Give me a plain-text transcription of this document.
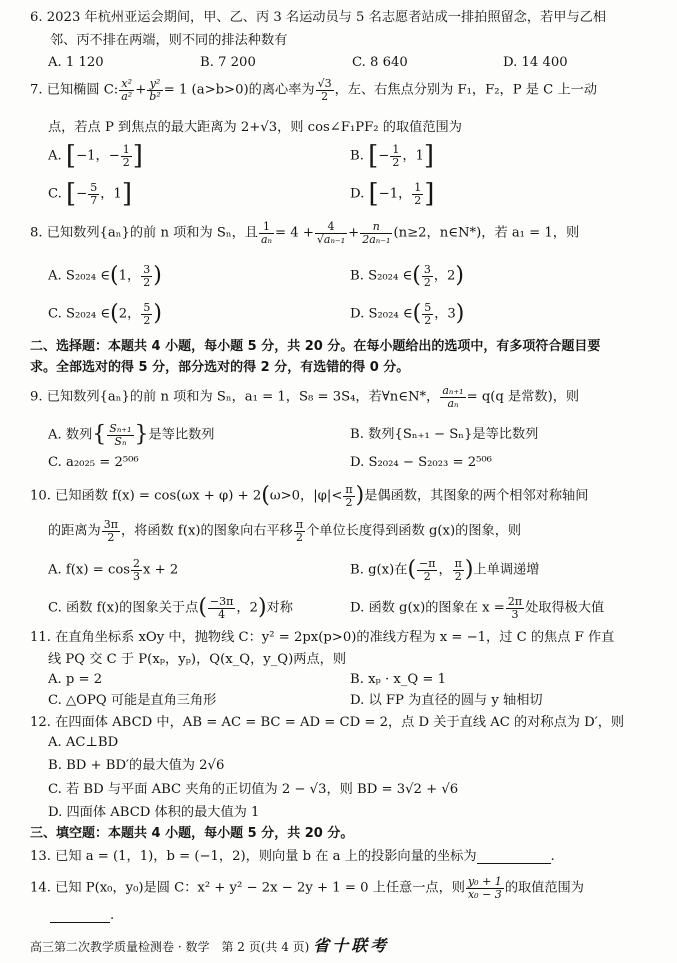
6. 2023 年杭州亚运会期间，甲、乙、丙 3 名运动员与 5 名志愿者站成一排拍照留念，若甲与乙相
邻、丙不排在两端，则不同的排法种数有
A. 1 120	B. 7 200	C. 8 640	D. 14 400
7. 已知椭圆 C: $\frac{\text{x²}}{\text{a²}} + \frac{\text{y²}}{\text{b²}} = 1$ (a>b>0)的离心率为 $\frac{√3}{2}$ ，左、右焦点分别为 F₁，F₂，P 是 C 上一动
点，若点 P 到焦点的最大距离为 2+√3，则 cos∠F₁PF₂ 的取值范围为
A. [−1，− $\frac{1}{2}$ ]	B. [− $\frac{1}{2}$ ，1]
C. [− $\frac{5}{7}$ ，1]	D. [−1， $\frac{1}{2}$ ]
8. 已知数列{aₙ}的前 n 项和为 Sₙ，且 $\frac{1}{\text{aₙ}} = 4 + \frac{4}{\text{√aₙ₋₁}} + \frac{n}{\text{2aₙ₋₁}} (n\ge 2$，n∈N*)，若 a₁ = 1，则
A. S₂₀₂₄ ∈(1， $\frac{3}{2}$ )	B. S₂₀₂₄ ∈( $\frac{3}{2}$ ，2)
C. S₂₀₂₄ ∈(2， $\frac{5}{2}$ )	D. S₂₀₂₄ ∈( $\frac{5}{2}$ ，3)
二、选择题：本题共 4 小题，每小题 5 分，共 20 分。在每小题给出的选项中，有多项符合题目要
求。全部选对的得 5 分，部分选对的得 2 分，有选错的得 0 分。
9. 已知数列{aₙ}的前 n 项和为 Sₙ，a₁ = 1，S₈ = 3S₄，若∀n∈N*， $\frac{\text{aₙ₊₁}}{\text{aₙ}} = q(q$ 是常数)，则
A. 数列{ $\frac{\text{Sₙ₊₁}}{\text{Sₙ}}$ }是等比数列	B. 数列{Sₙ₊₁ − Sₙ}是等比数列
C. a₂₀₂₅ = 2⁵⁰⁶	D. S₂₀₂₄ − S₂₀₂₃ = 2⁵⁰⁶
10. 已知函数 f(x) = cos(ωx + φ) + 2(ω>0，$|\varphi|< \frac{\pi}{2}$ )是偶函数，其图象的两个相邻对称轴间
的距离为 $\frac{3\pi}{2}$ ，将函数 f(x)的图象向右平移 $\frac{\pi}{2}$ 个单位长度得到函数 g(x)的图象，则
A. $f(x) = \cos \frac{2}{3}$ x + 2	B. g(x)在( $\frac{-\pi}{2}$ ， $\frac{\pi}{2}$ )上单调递增
C. 函数 f(x)的图象关于点( $\frac{-3\pi}{4}$ ，2)对称	D. 函数 g(x)的图象在 $x = \frac{2\pi}{3}$ 处取得极大值
11. 在直角坐标系 xOy 中，抛物线 C：y² = 2px(p>0)的准线方程为 x = −1，过 C 的焦点 F 作直
线 PQ 交 C 于 P(xₚ，yₚ)，Q(x_Q，y_Q)两点，则
A. p = 2	B. xₚ · x_Q = 1
C. △OPQ 可能是直角三角形	D. 以 FP 为直径的圆与 y 轴相切
12. 在四面体 ABCD 中，AB = AC = BC = AD = CD = 2，点 D 关于直线 AC 的对称点为 D′，则
A. AC⊥BD
B. BD + BD′的最大值为 2√6
C. 若 BD 与平面 ABC 夹角的正切值为 2 − √3，则 BD = 3√2 + √6
D. 四面体 ABCD 体积的最大值为 1
三、填空题：本题共 4 小题，每小题 5 分，共 20 分。
13. 已知 a = (1，1)，b = (−1，2)，则向量 b 在 a 上的投影向量的坐标为	.
14. 已知 P(x₀，y₀)是圆 C：x² + y² − 2x − 2y + 1 = 0 上任意一点，则 $\frac{\text{y₀ + 1}}{\text{x₀ − 3}}$ 的取值范围为
.
高三第二次教学质量检测卷 · 数学　第 2 页(共 4 页) 省十联考
